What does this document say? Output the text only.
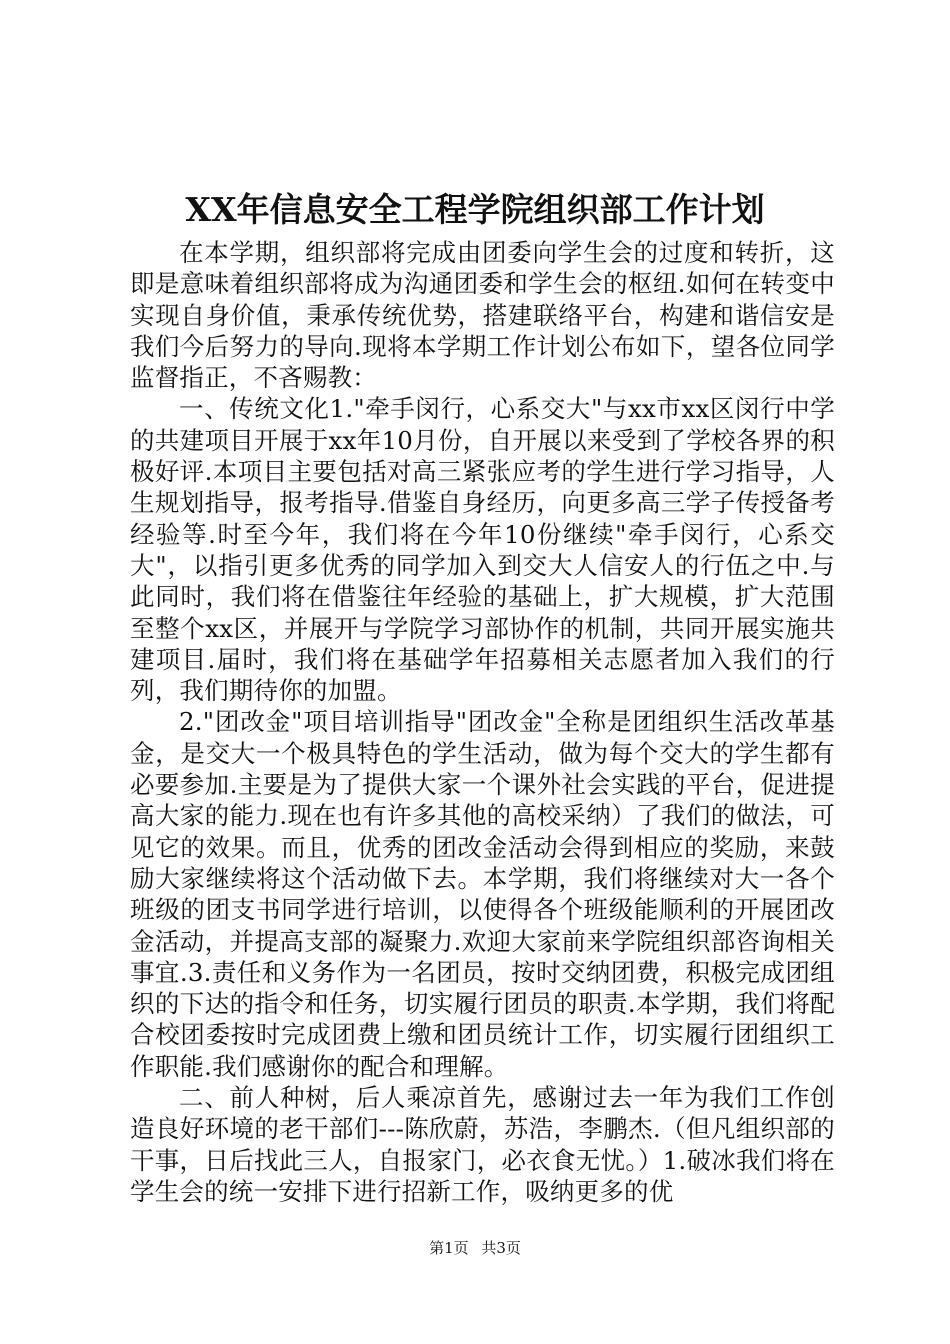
XX年信息安全工程学院组织部工作计划

在本学期，组织部将完成由团委向学生会的过度和转折，这即是意味着组织部将成为沟通团委和学生会的枢纽.如何在转变中实现自身价值，秉承传统优势，搭建联络平台，构建和谐信安是我们今后努力的导向.现将本学期工作计划公布如下，望各位同学监督指正，不吝赐教：

一、传统文化1."牵手闵行，心系交大"与xx市xx区闵行中学的共建项目开展于xx年10月份，自开展以来受到了学校各界的积极好评.本项目主要包括对高三紧张应考的学生进行学习指导，人生规划指导，报考指导.借鉴自身经历，向更多高三学子传授备考经验等.时至今年，我们将在今年10份继续"牵手闵行，心系交大"，以指引更多优秀的同学加入到交大人信安人的行伍之中.与此同时，我们将在借鉴往年经验的基础上，扩大规模，扩大范围至整个xx区，并展开与学院学习部协作的机制，共同开展实施共建项目.届时，我们将在基础学年招募相关志愿者加入我们的行列，我们期待你的加盟。

2."团改金"项目培训指导"团改金"全称是团组织生活改革基金，是交大一个极具特色的学生活动，做为每个交大的学生都有必要参加.主要是为了提供大家一个课外社会实践的平台，促进提高大家的能力.现在也有许多其他的高校采纳）了我们的做法，可见它的效果。而且，优秀的团改金活动会得到相应的奖励，来鼓励大家继续将这个活动做下去。本学期，我们将继续对大一各个班级的团支书同学进行培训，以使得各个班级能顺利的开展团改金活动，并提高支部的凝聚力.欢迎大家前来学院组织部咨询相关事宜.3.责任和义务作为一名团员，按时交纳团费，积极完成团组织的下达的指令和任务，切实履行团员的职责.本学期，我们将配合校团委按时完成团费上缴和团员统计工作，切实履行团组织工作职能.我们感谢你的配合和理解。

二、前人种树，后人乘凉首先，感谢过去一年为我们工作创造良好环境的老干部们---陈欣蔚，苏浩，李鹏杰.（但凡组织部的干事，日后找此三人，自报家门，必衣食无忧。）1.破冰我们将在学生会的统一安排下进行招新工作，吸纳更多的优

第1页 共3页
